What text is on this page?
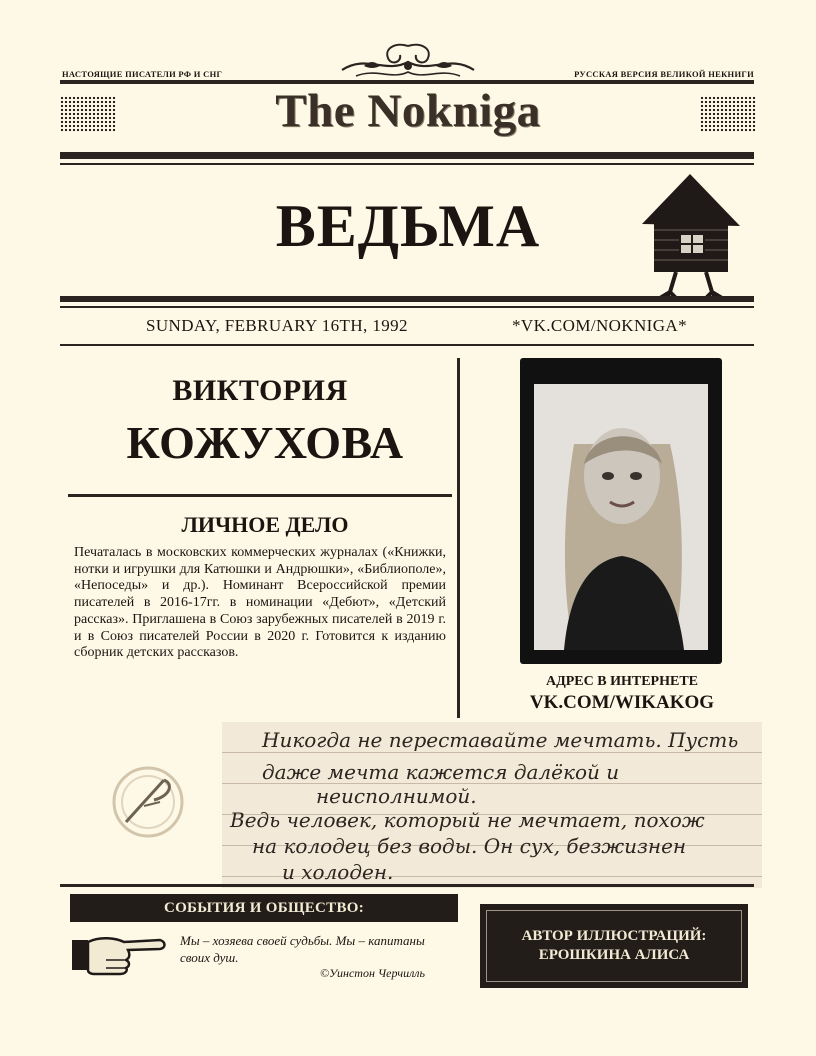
НАСТОЯЩИЕ ПИСАТЕЛИ РФ И СНГ	РУССКАЯ ВЕРСИЯ ВЕЛИКОЙ НЕКНИГИ
The Nokniga
ВЕДЬМА
SUNDAY, FEBRUARY 16TH, 1992	*VK.COM/NOKNIGA*
ВИКТОРИЯ
КОЖУХОВА
ЛИЧНОЕ ДЕЛО
Печаталась в московских коммерческих журналах («Книжки, нотки и игрушки для Катюшки и Андрюшки», «Библиополе», «Непоседы» и др.). Номинант Всероссийской премии писателей в 2016-17гг. в номинации «Дебют», «Детский рассказ». Приглашена в Союз зарубежных писателей в 2019 г. и в Союз писателей России в 2020 г. Готовится к изданию сборник детских рассказов.
АДРЕС В ИНТЕРНЕТЕ
VK.COM/WIKAKOG
Никогда не переставайте мечтать. Пусть
даже мечта кажется далёкой и
неисполнимой.
Ведь человек, который не мечтает, похож
на колодец без воды. Он сух, безжизнен
и холоден.
СОБЫТИЯ И ОБЩЕСТВО:
Мы – хозяева своей судьбы. Мы – капитаны своих душ.
©Уинстон Черчилль
АВТОР ИЛЛЮСТРАЦИЙ:
ЕРОШКИНА АЛИСА
